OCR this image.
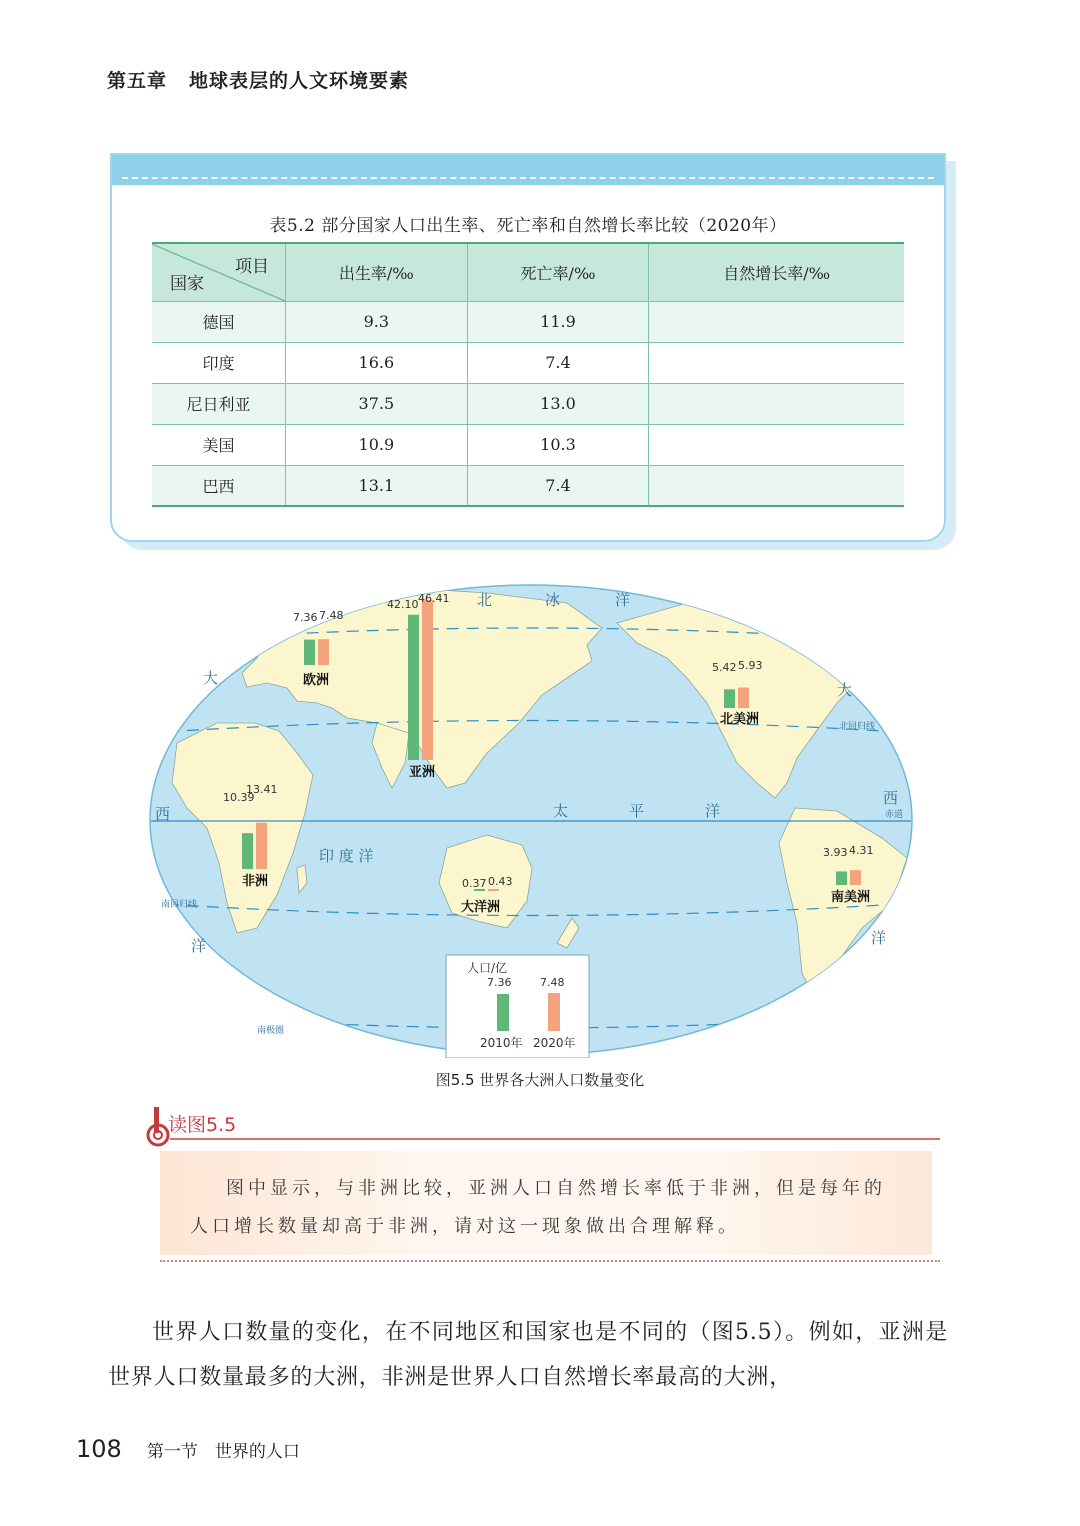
第五章 地球表层的人文环境要素
表5.2 部分国家人口出生率、死亡率和自然增长率比较（2020年）
项目
国家	出生率/‰	死亡率/‰	自然增长率/‰
德国	9.3	11.9	
印度	16.6	7.4	
尼日利亚	37.5	13.0	
美国	10.9	10.3	
巴西	13.1	7.4	
北	冰	洋
大
西
洋
太	平	洋
大
西
洋
印 度 洋
北回归线
赤道
南回归线
南极圈
7.36 7.48
42.10 46.41
5.42 5.93
10.39
13.41
0.37 0.43
3.93 4.31
欧洲
亚洲
北美洲
非洲
大洋洲
南美洲
人口/亿
7.36	7.48
2010年 2020年
图5.5 世界各大洲人口数量变化
读图5.5
图中显示，与非洲比较，亚洲人口自然增长率低于非洲，但是每年的人口增长数量却高于非洲，请对这一现象做出合理解释。
世界人口数量的变化，在不同地区和国家也是不同的（图5.5）。例如，亚洲是世界人口数量最多的大洲，非洲是世界人口自然增长率最高的大洲，
108 第一节　世界的人口
